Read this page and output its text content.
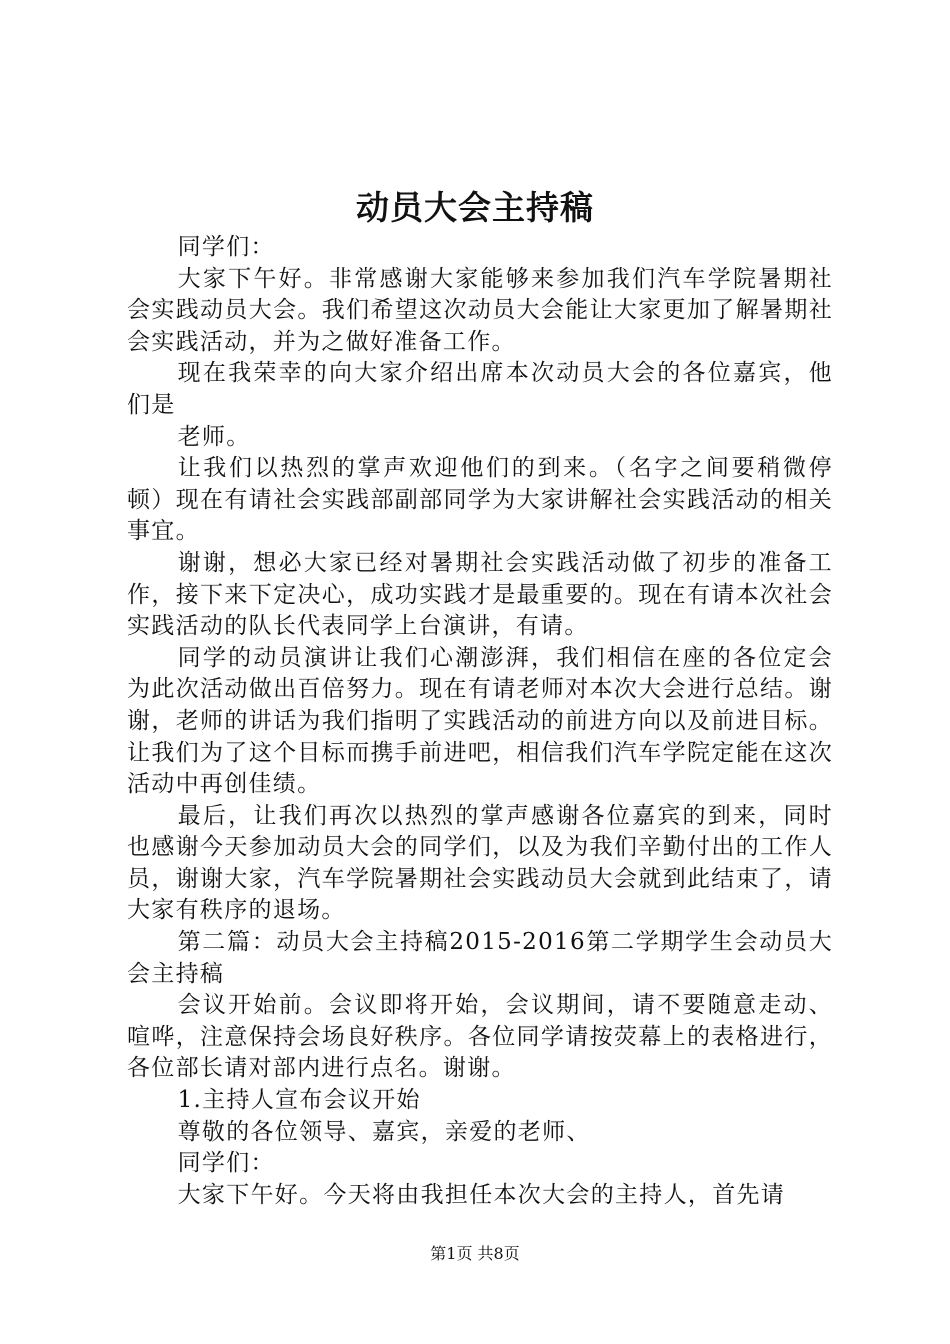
动员大会主持稿

同学们：

大家下午好。非常感谢大家能够来参加我们汽车学院暑期社会实践动员大会。我们希望这次动员大会能让大家更加了解暑期社会实践活动，并为之做好准备工作。

现在我荣幸的向大家介绍出席本次动员大会的各位嘉宾，他们是

老师。

让我们以热烈的掌声欢迎他们的到来。（名字之间要稍微停顿）现在有请社会实践部副部同学为大家讲解社会实践活动的相关事宜。

谢谢，想必大家已经对暑期社会实践活动做了初步的准备工作，接下来下定决心，成功实践才是最重要的。现在有请本次社会实践活动的队长代表同学上台演讲，有请。

同学的动员演讲让我们心潮澎湃，我们相信在座的各位定会为此次活动做出百倍努力。现在有请老师对本次大会进行总结。谢谢，老师的讲话为我们指明了实践活动的前进方向以及前进目标。让我们为了这个目标而携手前进吧，相信我们汽车学院定能在这次活动中再创佳绩。

最后，让我们再次以热烈的掌声感谢各位嘉宾的到来，同时也感谢今天参加动员大会的同学们，以及为我们辛勤付出的工作人员，谢谢大家，汽车学院暑期社会实践动员大会就到此结束了，请大家有秩序的退场。

第二篇：动员大会主持稿2015-2016第二学期学生会动员大会主持稿

会议开始前。会议即将开始，会议期间，请不要随意走动、喧哗，注意保持会场良好秩序。各位同学请按荧幕上的表格进行，各位部长请对部内进行点名。谢谢。

1.主持人宣布会议开始

尊敬的各位领导、嘉宾，亲爱的老师、

同学们：

大家下午好。今天将由我担任本次大会的主持人，首先请

第1页 共8页
